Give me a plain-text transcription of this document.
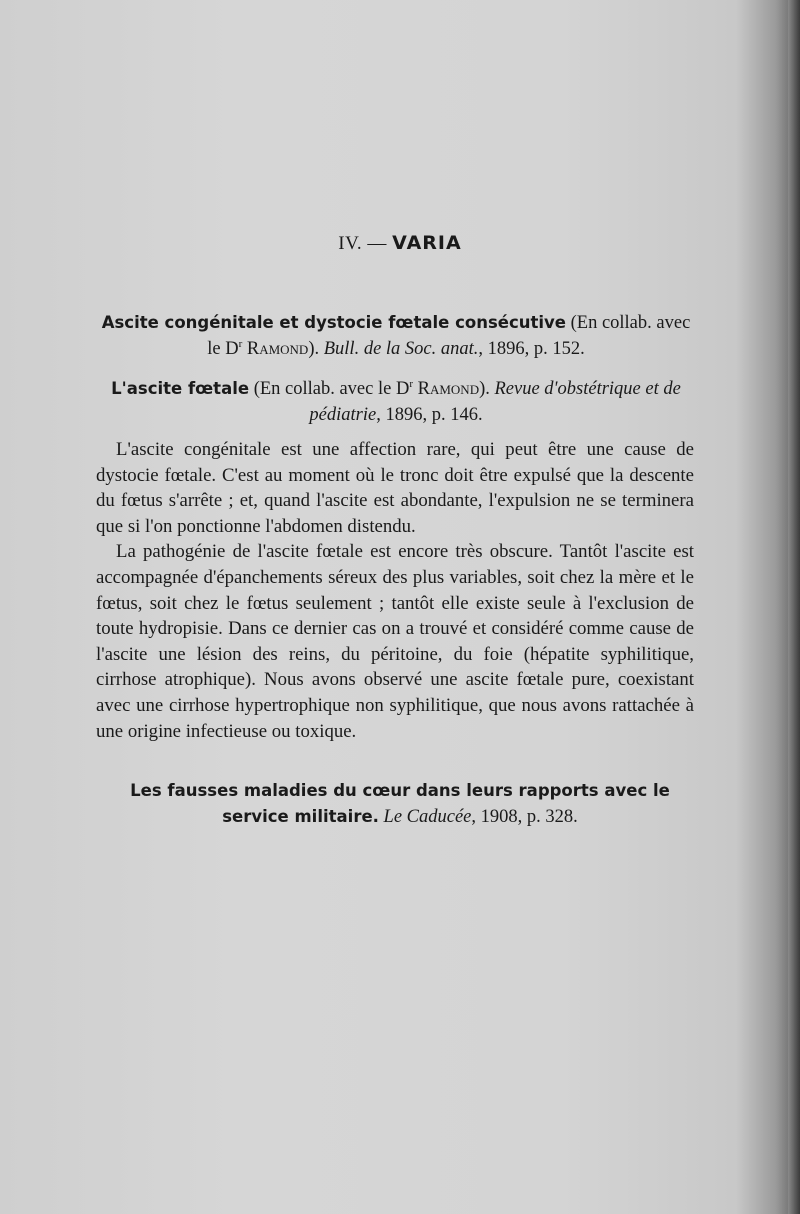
IV. — VARIA
Ascite congénitale et dystocie fœtale consécutive (En collab. avec le $D^r$ Ramond). Bull. de la Soc. anat., 1896, p. 152.
L'ascite fœtale (En collab. avec le $D^r$ Ramond). Revue d'obstétrique et de pédiatrie, 1896, p. 146.

L'ascite congénitale est une affection rare, qui peut être une cause de dystocie fœtale. C'est au moment où le tronc doit être expulsé que la descente du fœtus s'arrête ; et, quand l'ascite est abondante, l'expulsion ne se terminera que si l'on ponctionne l'abdomen distendu.

La pathogénie de l'ascite fœtale est encore très obscure. Tantôt l'ascite est accompagnée d'épanchements séreux des plus variables, soit chez la mère et le fœtus, soit chez le fœtus seulement ; tantôt elle existe seule à l'exclusion de toute hydropisie. Dans ce dernier cas on a trouvé et considéré comme cause de l'ascite une lésion des reins, du péritoine, du foie (hépatite syphilitique, cirrhose atrophique). Nous avons observé une ascite fœtale pure, coexistant avec une cirrhose hypertrophique non syphilitique, que nous avons rattachée à une origine infectieuse ou toxique.

Les fausses maladies du cœur dans leurs rapports avec le service militaire. Le Caducée, 1908, p. 328.
